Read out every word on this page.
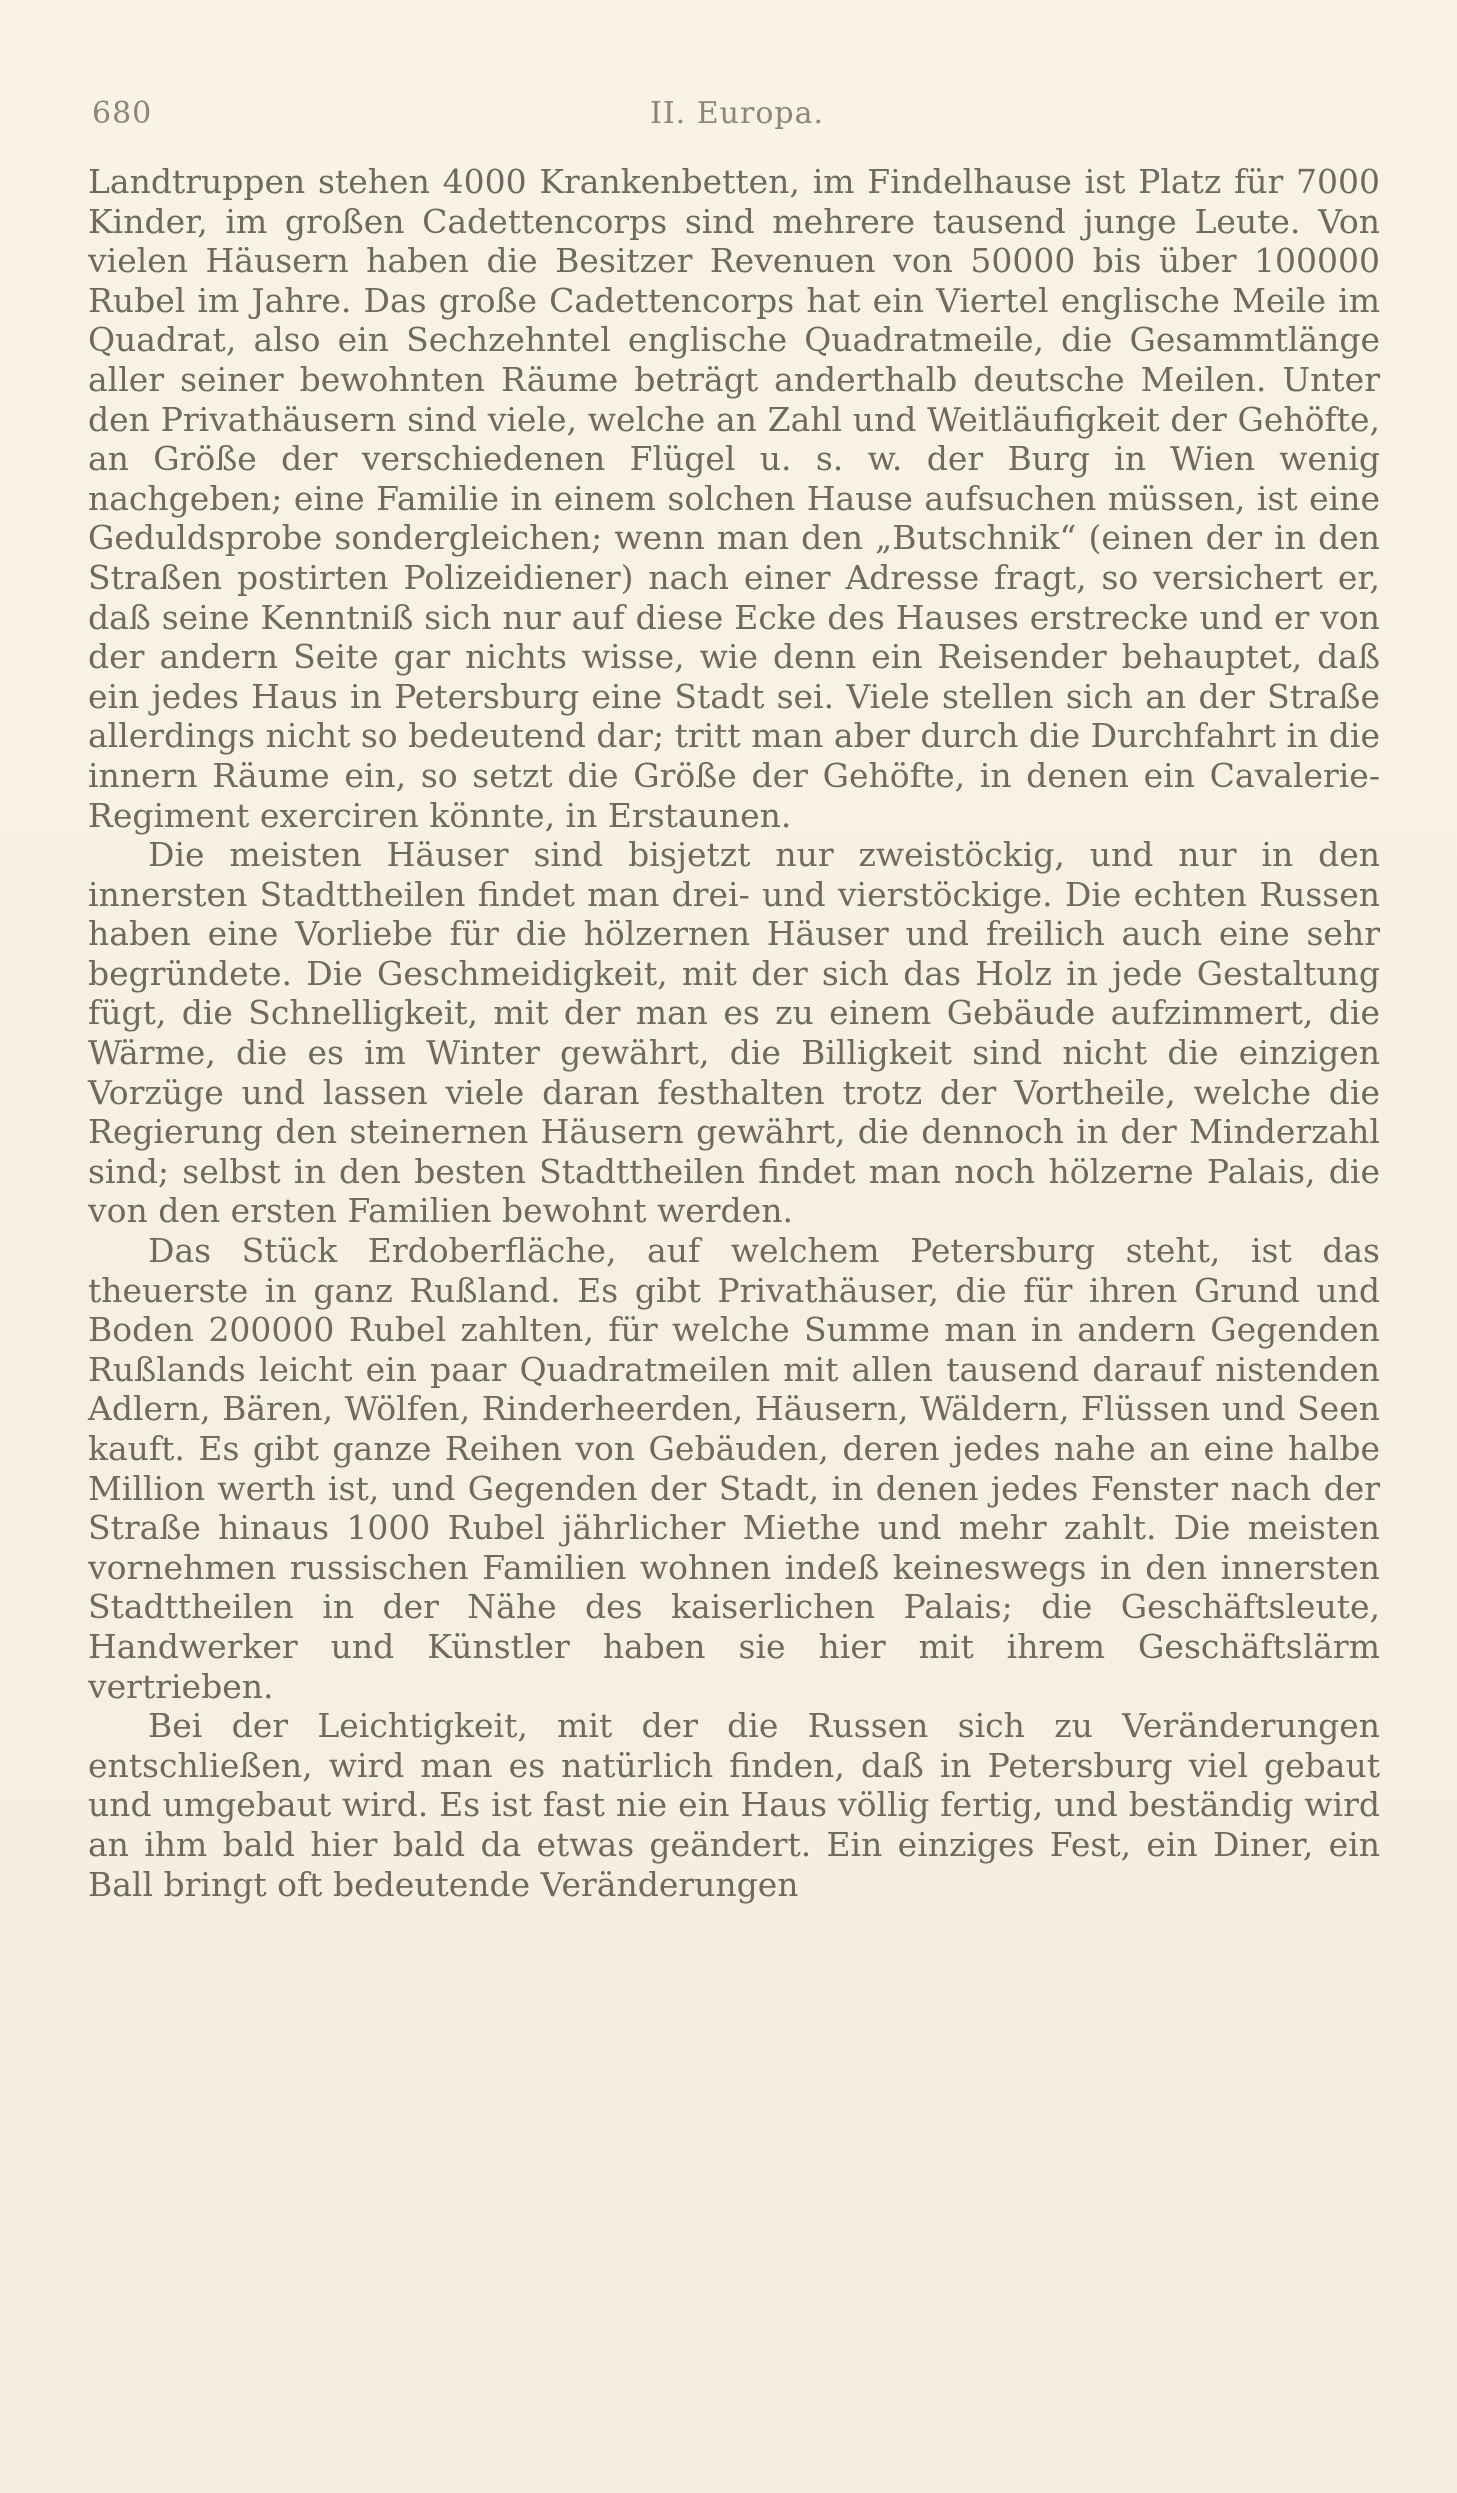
680	II. Europa.

Landtruppen stehen 4000 Krankenbetten, im Findelhause ist Platz für 7000 Kinder, im großen Cadettencorps sind mehrere tausend junge Leute. Von vielen Häusern haben die Besitzer Revenuen von 50000 bis über 100000 Rubel im Jahre. Das große Cadettencorps hat ein Viertel englische Meile im Quadrat, also ein Sechzehntel englische Quadratmeile, die Gesammtlänge aller seiner bewohnten Räume beträgt anderthalb deutsche Meilen. Unter den Privathäusern sind viele, welche an Zahl und Weitläufigkeit der Gehöfte, an Größe der verschiedenen Flügel u. s. w. der Burg in Wien wenig nachgeben; eine Familie in einem solchen Hause aufsuchen müssen, ist eine Geduldsprobe sondergleichen; wenn man den „Butschnik“ (einen der in den Straßen postirten Polizeidiener) nach einer Adresse fragt, so versichert er, daß seine Kenntniß sich nur auf diese Ecke des Hauses erstrecke und er von der andern Seite gar nichts wisse, wie denn ein Reisender behauptet, daß ein jedes Haus in Petersburg eine Stadt sei. Viele stellen sich an der Straße allerdings nicht so bedeutend dar; tritt man aber durch die Durchfahrt in die innern Räume ein, so setzt die Größe der Gehöfte, in denen ein Cavalerie-Regiment exerciren könnte, in Erstaunen.

Die meisten Häuser sind bisjetzt nur zweistöckig, und nur in den innersten Stadttheilen findet man drei- und vierstöckige. Die echten Russen haben eine Vorliebe für die hölzernen Häuser und freilich auch eine sehr begründete. Die Geschmeidigkeit, mit der sich das Holz in jede Gestaltung fügt, die Schnelligkeit, mit der man es zu einem Gebäude aufzimmert, die Wärme, die es im Winter gewährt, die Billigkeit sind nicht die einzigen Vorzüge und lassen viele daran festhalten trotz der Vortheile, welche die Regierung den steinernen Häusern gewährt, die dennoch in der Minderzahl sind; selbst in den besten Stadttheilen findet man noch hölzerne Palais, die von den ersten Familien bewohnt werden.

Das Stück Erdoberfläche, auf welchem Petersburg steht, ist das theuerste in ganz Rußland. Es gibt Privathäuser, die für ihren Grund und Boden 200000 Rubel zahlten, für welche Summe man in andern Gegenden Rußlands leicht ein paar Quadratmeilen mit allen tausend darauf nistenden Adlern, Bären, Wölfen, Rinderheerden, Häusern, Wäldern, Flüssen und Seen kauft. Es gibt ganze Reihen von Gebäuden, deren jedes nahe an eine halbe Million werth ist, und Gegenden der Stadt, in denen jedes Fenster nach der Straße hinaus 1000 Rubel jährlicher Miethe und mehr zahlt. Die meisten vornehmen russischen Familien wohnen indeß keineswegs in den innersten Stadttheilen in der Nähe des kaiserlichen Palais; die Geschäftsleute, Handwerker und Künstler haben sie hier mit ihrem Geschäftslärm vertrieben.

Bei der Leichtigkeit, mit der die Russen sich zu Veränderungen entschließen, wird man es natürlich finden, daß in Petersburg viel gebaut und umgebaut wird. Es ist fast nie ein Haus völlig fertig, und beständig wird an ihm bald hier bald da etwas geändert. Ein einziges Fest, ein Diner, ein Ball bringt oft bedeutende Veränderungen
